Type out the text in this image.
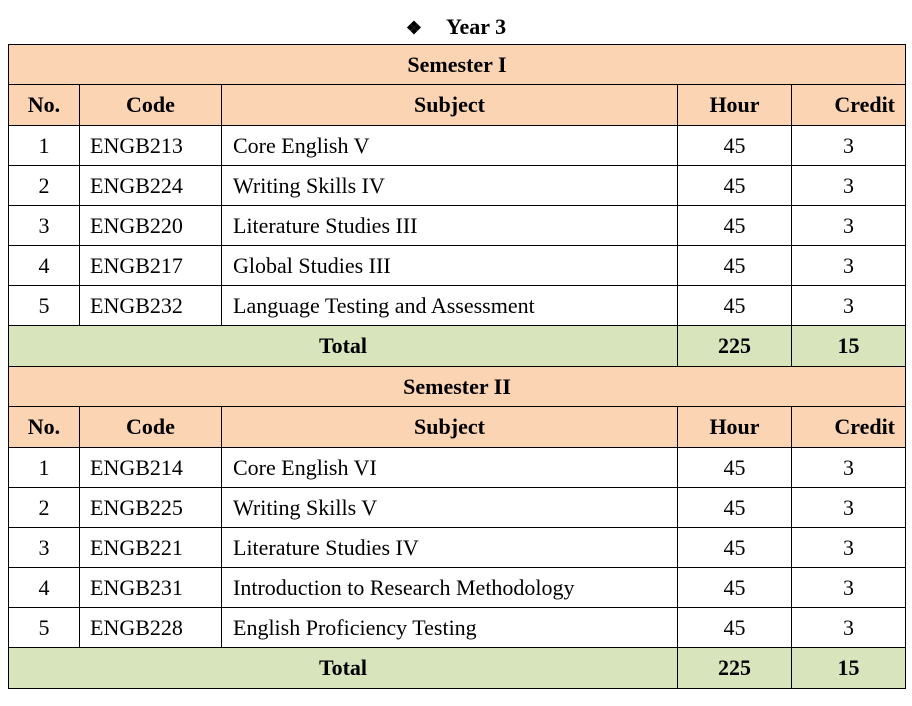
❖ Year 3
Semester I				
No.	Code	Subject	Hour	Credit
1	ENGB213	Core English V	45	3
2	ENGB224	Writing Skills IV	45	3
3	ENGB220	Literature Studies III	45	3
4	ENGB217	Global Studies III	45	3
5	ENGB232	Language Testing and Assessment	45	3
Total			225	15
Semester II				
No.	Code	Subject	Hour	Credit
1	ENGB214	Core English VI	45	3
2	ENGB225	Writing Skills V	45	3
3	ENGB221	Literature Studies IV	45	3
4	ENGB231	Introduction to Research Methodology	45	3
5	ENGB228	English Proficiency Testing	45	3
Total			225	15
